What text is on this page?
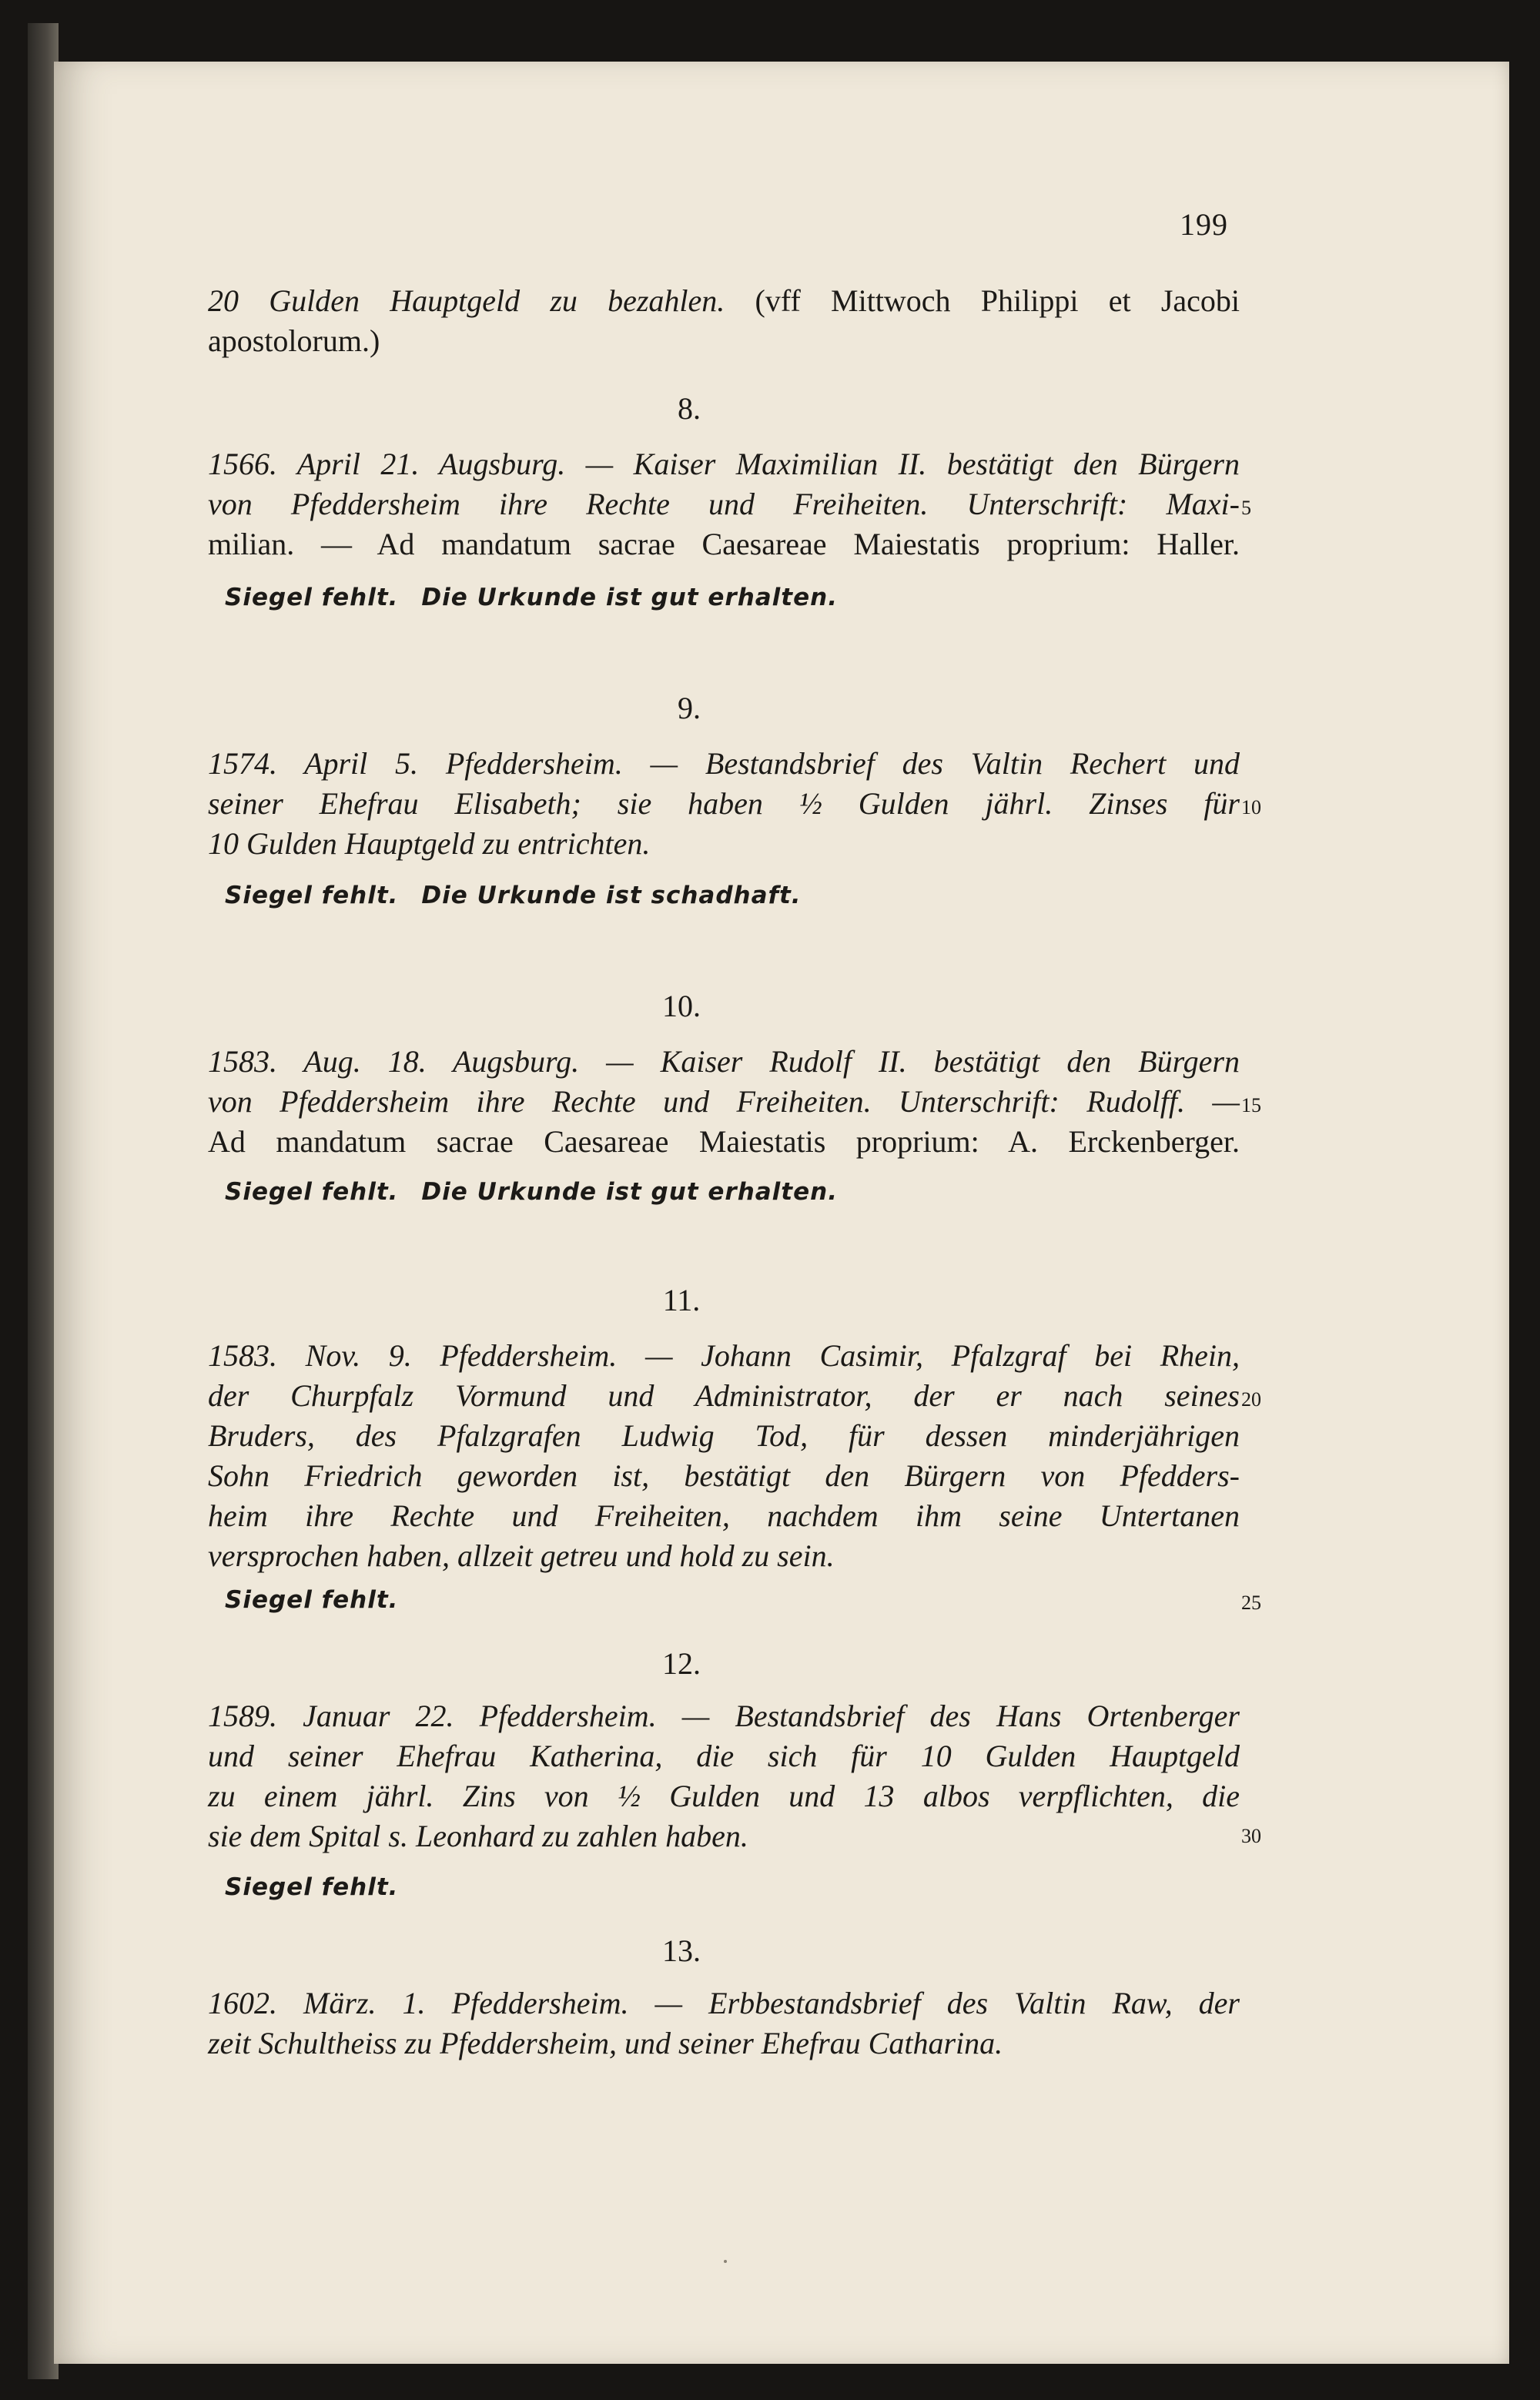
199
20 Gulden Hauptgeld zu bezahlen. (vff Mittwoch Philippi et Jacobi
apostolorum.)
8.
1566. April 21. Augsburg. — Kaiser Maximilian II. bestätigt den Bürgern
von Pfeddersheim ihre Rechte und Freiheiten. Unterschrift: Maxi-
milian. — Ad mandatum sacrae Caesareae Maiestatis proprium: Haller.
Siegel fehlt. Die Urkunde ist gut erhalten.
9.
1574. April 5. Pfeddersheim. — Bestandsbrief des Valtin Rechert und
seiner Ehefrau Elisabeth; sie haben ½ Gulden jährl. Zinses für
10 Gulden Hauptgeld zu entrichten.
Siegel fehlt. Die Urkunde ist schadhaft.
10.
1583. Aug. 18. Augsburg. — Kaiser Rudolf II. bestätigt den Bürgern
von Pfeddersheim ihre Rechte und Freiheiten. Unterschrift: Rudolff. —
Ad mandatum sacrae Caesareae Maiestatis proprium: A. Erckenberger.
Siegel fehlt. Die Urkunde ist gut erhalten.
11.
1583. Nov. 9. Pfeddersheim. — Johann Casimir, Pfalzgraf bei Rhein,
der Churpfalz Vormund und Administrator, der er nach seines
Bruders, des Pfalzgrafen Ludwig Tod, für dessen minderjährigen
Sohn Friedrich geworden ist, bestätigt den Bürgern von Pfedders-
heim ihre Rechte und Freiheiten, nachdem ihm seine Untertanen
versprochen haben, allzeit getreu und hold zu sein.
Siegel fehlt.
12.
1589. Januar 22. Pfeddersheim. — Bestandsbrief des Hans Ortenberger
und seiner Ehefrau Katherina, die sich für 10 Gulden Hauptgeld
zu einem jährl. Zins von ½ Gulden und 13 albos verpflichten, die
sie dem Spital s. Leonhard zu zahlen haben.
Siegel fehlt.
13.
1602. März. 1. Pfeddersheim. — Erbbestandsbrief des Valtin Raw, der
zeit Schultheiss zu Pfeddersheim, und seiner Ehefrau Catharina.
5
10
15
20
25
30
